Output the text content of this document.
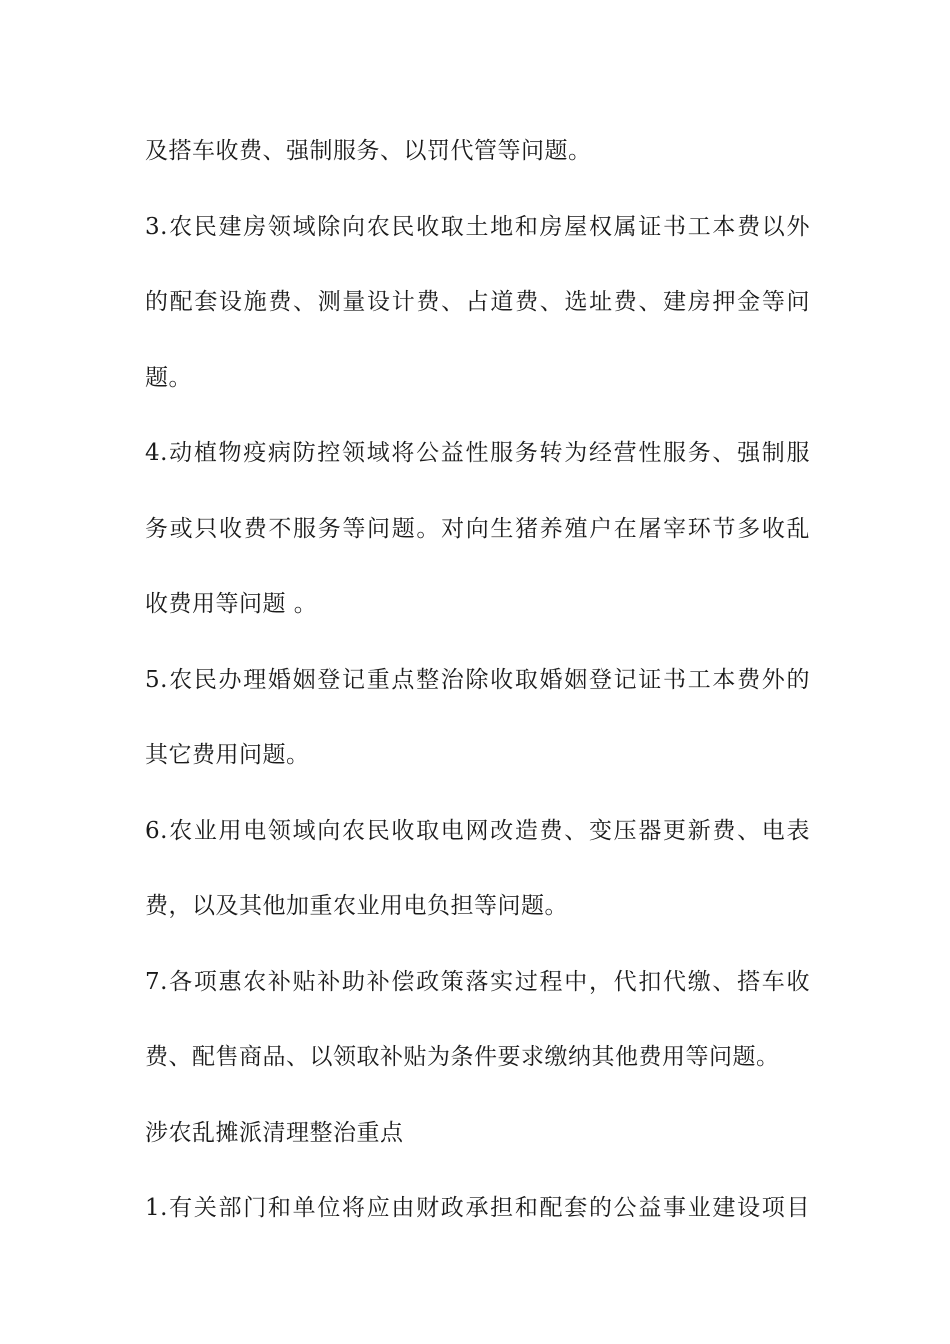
及搭车收费、强制服务、以罚代管等问题。
3.农民建房领域除向农民收取土地和房屋权属证书工本费以外
的配套设施费、测量设计费、占道费、选址费、建房押金等问
题。
4.动植物疫病防控领域将公益性服务转为经营性服务、强制服
务或只收费不服务等问题。对向生猪养殖户在屠宰环节多收乱
收费用等问题 。
5.农民办理婚姻登记重点整治除收取婚姻登记证书工本费外的
其它费用问题。
6.农业用电领域向农民收取电网改造费、变压器更新费、电表
费，以及其他加重农业用电负担等问题。
7.各项惠农补贴补助补偿政策落实过程中，代扣代缴、搭车收
费、配售商品、以领取补贴为条件要求缴纳其他费用等问题。
涉农乱摊派清理整治重点
1.有关部门和单位将应由财政承担和配套的公益事业建设项目
